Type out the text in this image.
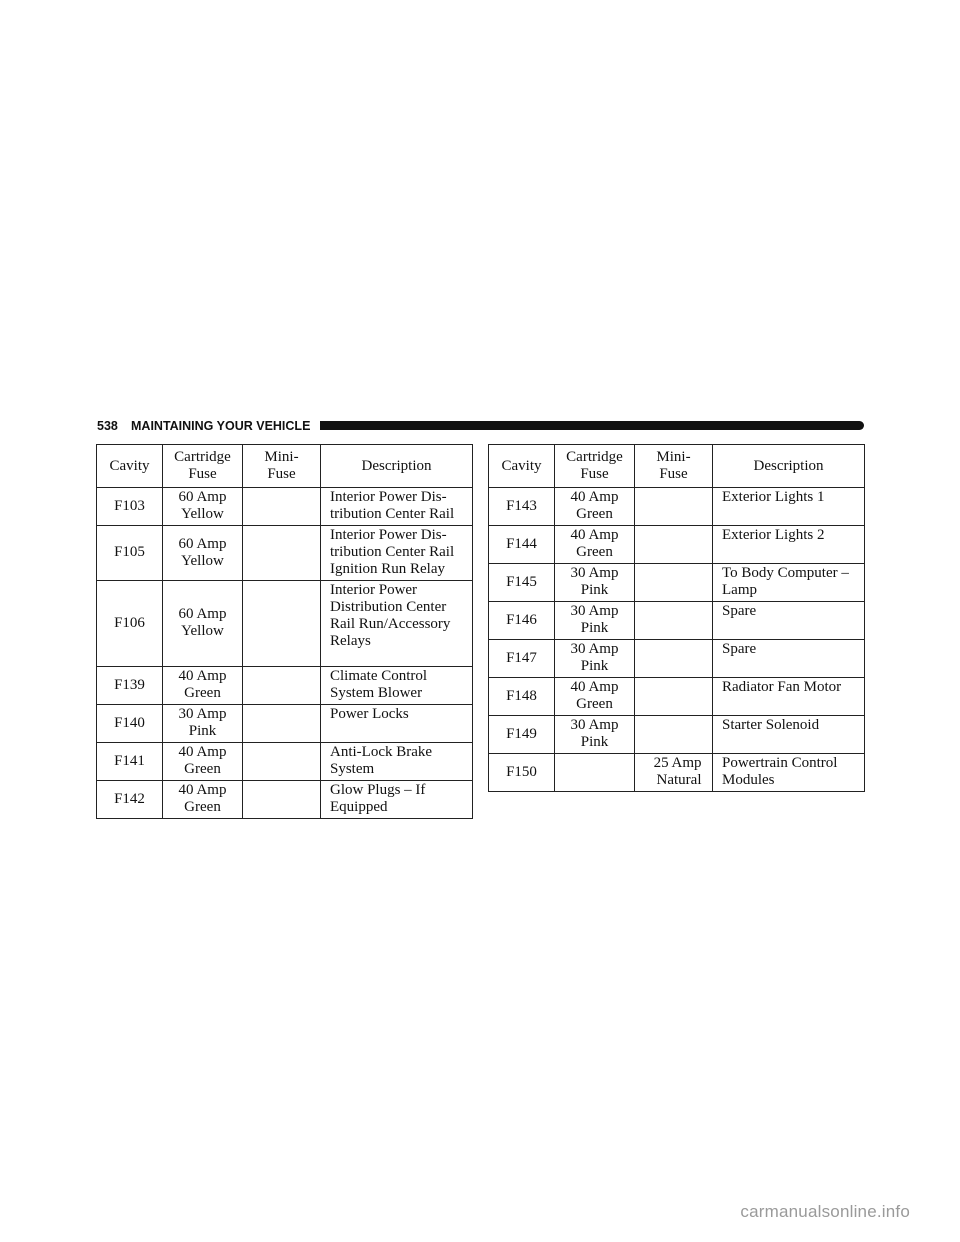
538 MAINTAINING YOUR VEHICLE
Cavity	Cartridge Fuse	Mini- Fuse	Description
F103	60 Amp Yellow		Interior Power Dis- tribution Center Rail
F105	60 Amp Yellow		Interior Power Dis- tribution Center Rail Ignition Run Relay
F106	60 Amp Yellow		Interior Power Distribution Center Rail Run/Accessory Relays
F139	40 Amp Green		Climate Control System Blower
F140	30 Amp Pink		Power Locks
F141	40 Amp Green		Anti-Lock Brake System
F142	40 Amp Green		Glow Plugs – If Equipped
Cavity	Cartridge Fuse	Mini- Fuse	Description
F143	40 Amp Green		Exterior Lights 1
F144	40 Amp Green		Exterior Lights 2
F145	30 Amp Pink		To Body Computer – Lamp
F146	30 Amp Pink		Spare
F147	30 Amp Pink		Spare
F148	40 Amp Green		Radiator Fan Motor
F149	30 Amp Pink		Starter Solenoid
F150		25 Amp Natural	Powertrain Control Modules
carmanualsonline.info
